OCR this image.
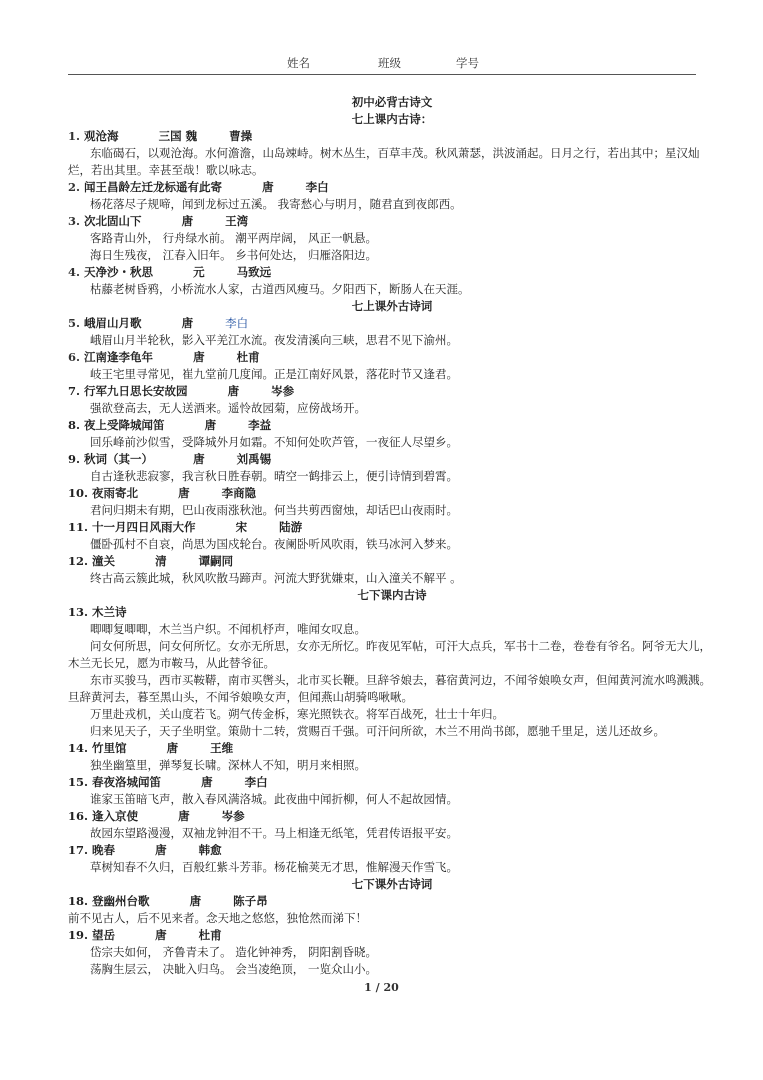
姓名	班级	学号

初中必背古诗文

七上课内古诗：

1. 观沧海	三国 魏	曹操

东临碣石，以观沧海。水何澹澹，山岛竦峙。树木丛生，百草丰茂。秋风萧瑟，洪波涌起。日月之行，若出其中；星汉灿烂，若出其里。幸甚至哉！歌以咏志。

2. 闻王昌龄左迁龙标遥有此寄	唐	李白

杨花落尽子规啼，闻到龙标过五溪。 我寄愁心与明月，随君直到夜郎西。

3. 次北固山下	唐	王湾

客路青山外， 行舟绿水前。 潮平两岸阔， 风正一帆悬。

海日生残夜， 江春入旧年。 乡书何处达， 归雁洛阳边。

4. 天净沙・秋思	元	马致远

枯藤老树昏鸦，小桥流水人家，古道西风瘦马。夕阳西下，断肠人在天涯。

七上课外古诗词

5. 峨眉山月歌	唐	李白

峨眉山月半轮秋，影入平羌江水流。夜发清溪向三峡，思君不见下渝州。

6. 江南逢李龟年	唐	杜甫

岐王宅里寻常见，崔九堂前几度闻。正是江南好风景，落花时节又逢君。

7. 行军九日思长安故园	唐	岑参

强欲登高去，无人送酒来。遥怜故园菊，应傍战场开。

8. 夜上受降城闻笛	唐	李益

回乐峰前沙似雪，受降城外月如霜。不知何处吹芦管，一夜征人尽望乡。

9. 秋词（其一）	唐	刘禹锡

自古逢秋悲寂寥，我言秋日胜春朝。晴空一鹤排云上，便引诗情到碧霄。

10. 夜雨寄北	唐	李商隐

君问归期未有期，巴山夜雨涨秋池。何当共剪西窗烛，却话巴山夜雨时。

11. 十一月四日风雨大作	宋	陆游

僵卧孤村不自哀，尚思为国戍轮台。夜阑卧听风吹雨，铁马冰河入梦来。

12. 潼关	清	谭嗣同

终古高云簇此城，秋风吹散马蹄声。河流大野犹嫌束，山入潼关不解平 。

七下课内古诗

13. 木兰诗

唧唧复唧唧，木兰当户织。不闻机杼声，唯闻女叹息。

问女何所思，问女何所忆。女亦无所思，女亦无所忆。昨夜见军帖，可汗大点兵，军书十二卷，卷卷有爷名。阿爷无大儿，木兰无长兄，愿为市鞍马，从此替爷征。

东市买骏马，西市买鞍鞯，南市买辔头，北市买长鞭。旦辞爷娘去，暮宿黄河边，不闻爷娘唤女声，但闻黄河流水鸣溅溅。旦辞黄河去，暮至黑山头，不闻爷娘唤女声，但闻燕山胡骑鸣啾啾。

万里赴戎机，关山度若飞。朔气传金柝，寒光照铁衣。将军百战死，壮士十年归。

归来见天子，天子坐明堂。策勋十二转，赏赐百千强。可汗问所欲，木兰不用尚书郎，愿驰千里足，送儿还故乡。

14. 竹里馆	唐	王维

独坐幽篁里，弹琴复长啸。深林人不知，明月来相照。

15. 春夜洛城闻笛	唐	李白

谁家玉笛暗飞声，散入春风满洛城。此夜曲中闻折柳，何人不起故园情。

16. 逢入京使	唐	岑参

故园东望路漫漫，双袖龙钟泪不干。马上相逢无纸笔，凭君传语报平安。

17. 晚春	唐	韩愈

草树知春不久归，百般红紫斗芳菲。杨花榆荚无才思，惟解漫天作雪飞。

七下课外古诗词

18. 登幽州台歌	唐	陈子昂

前不见古人，后不见来者。念天地之悠悠，独怆然而涕下！

19. 望岳	唐	杜甫

岱宗夫如何， 齐鲁青未了。 造化钟神秀， 阴阳割昏晓。

荡胸生层云， 决眦入归鸟。 会当凌绝顶， 一览众山小。

1 / 20
